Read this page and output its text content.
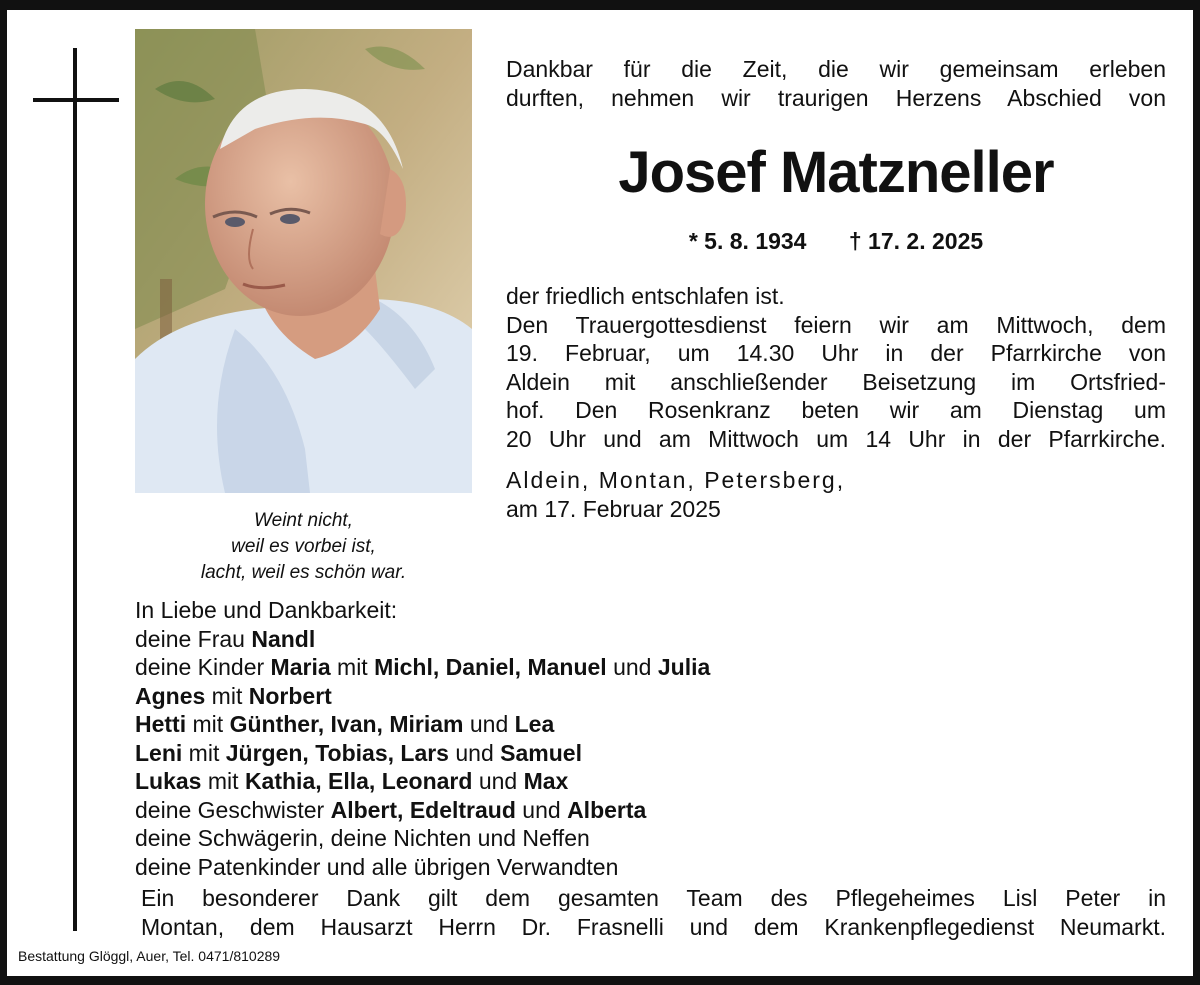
Weint nicht,
weil es vorbei ist,
lacht, weil es schön war.
Dankbar für die Zeit, die wir gemeinsam erleben
durften, nehmen wir traurigen Herzens Abschied von
Josef Matzneller
* 5. 8. 1934 † 17. 2. 2025
der friedlich entschlafen ist.
Den Trauergottesdienst feiern wir am Mittwoch, dem
19. Februar, um 14.30 Uhr in der Pfarrkirche von
Aldein mit anschließender Beisetzung im Ortsfried-
hof. Den Rosenkranz beten wir am Dienstag um
20 Uhr und am Mittwoch um 14 Uhr in der Pfarrkirche.
Aldein, Montan, Petersberg,
am 17. Februar 2025
In Liebe und Dankbarkeit:
deine Frau Nandl
deine Kinder Maria mit Michl, Daniel, Manuel und Julia
Agnes mit Norbert
Hetti mit Günther, Ivan, Miriam und Lea
Leni mit Jürgen, Tobias, Lars und Samuel
Lukas mit Kathia, Ella, Leonard und Max
deine Geschwister Albert, Edeltraud und Alberta
deine Schwägerin, deine Nichten und Neffen
deine Patenkinder und alle übrigen Verwandten
Ein besonderer Dank gilt dem gesamten Team des Pflegeheimes Lisl Peter in
Montan, dem Hausarzt Herrn Dr. Frasnelli und dem Krankenpflegedienst Neumarkt.
Bestattung Glöggl, Auer, Tel. 0471/810289
